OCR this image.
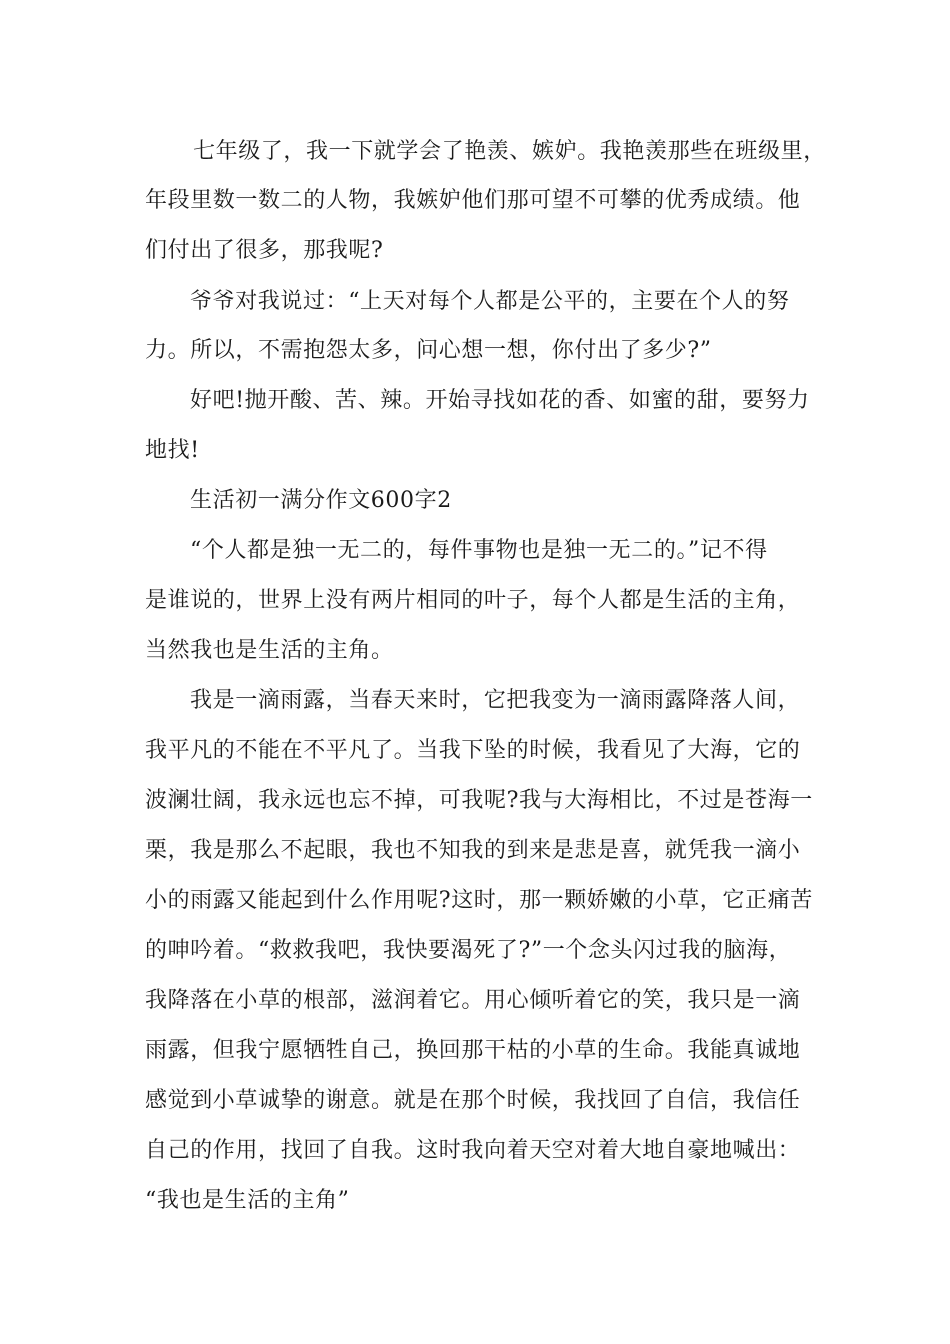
七年级了，我一下就学会了艳羡、嫉妒。我艳羡那些在班级里，
年段里数一数二的人物，我嫉妒他们那可望不可攀的优秀成绩。他
们付出了很多，那我呢?
爷爷对我说过：“上天对每个人都是公平的，主要在个人的努
力。所以，不需抱怨太多，问心想一想，你付出了多少?”
好吧!抛开酸、苦、辣。开始寻找如花的香、如蜜的甜，要努力
地找!
生活初一满分作文600字2
“个人都是独一无二的，每件事物也是独一无二的。”记不得
是谁说的，世界上没有两片相同的叶子，每个人都是生活的主角，
当然我也是生活的主角。
我是一滴雨露，当春天来时，它把我变为一滴雨露降落人间，
我平凡的不能在不平凡了。当我下坠的时候，我看见了大海，它的
波澜壮阔，我永远也忘不掉，可我呢?我与大海相比，不过是苍海一
栗，我是那么不起眼，我也不知我的到来是悲是喜，就凭我一滴小
小的雨露又能起到什么作用呢?这时，那一颗娇嫩的小草，它正痛苦
的呻吟着。“救救我吧，我快要渴死了?”一个念头闪过我的脑海，
我降落在小草的根部，滋润着它。用心倾听着它的笑，我只是一滴
雨露，但我宁愿牺牲自己，换回那干枯的小草的生命。我能真诚地
感觉到小草诚挚的谢意。就是在那个时候，我找回了自信，我信任
自己的作用，找回了自我。这时我向着天空对着大地自豪地喊出：
“我也是生活的主角”
